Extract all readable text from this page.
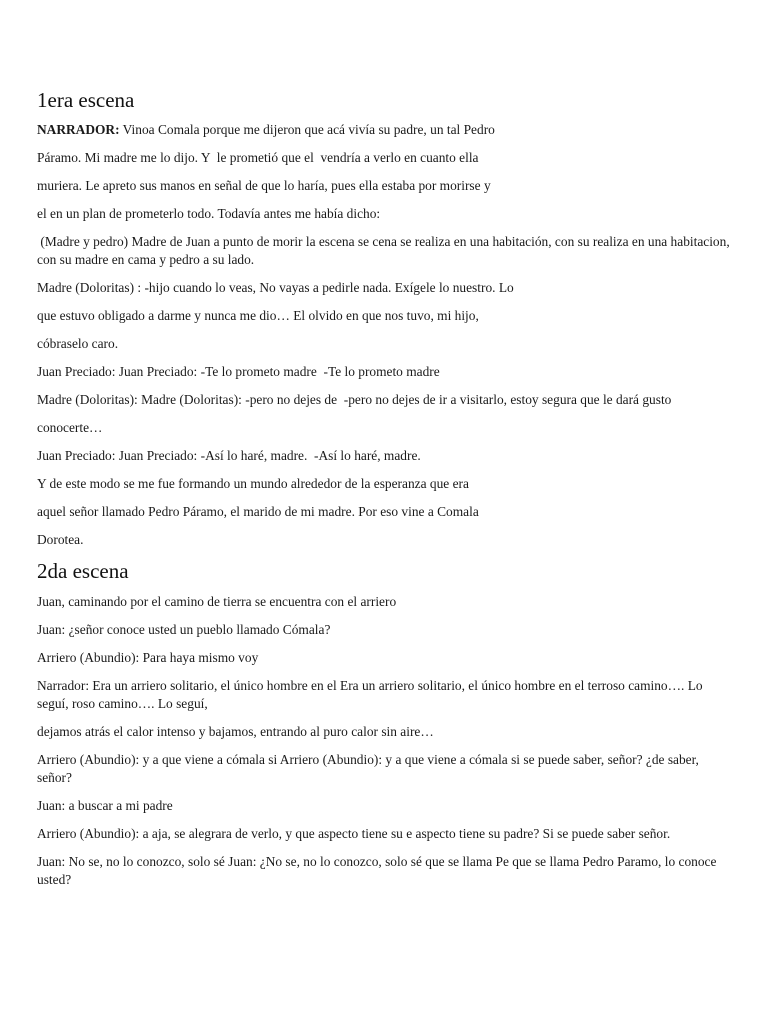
1era escena

NARRADOR: Vinoa Comala porque me dijeron que acá vivía su padre, un tal Pedro

Páramo. Mi madre me lo dijo. Y  le prometió que el  vendría a verlo en cuanto ella

muriera. Le apreto sus manos en señal de que lo haría, pues ella estaba por morirse y

el en un plan de prometerlo todo. Todavía antes me había dicho:

(Madre y pedro) Madre de Juan a punto de morir la escena se cena se realiza en una habitación, con su realiza en una habitacion, con su madre en cama y pedro a su lado.

Madre (Doloritas) : -hijo cuando lo veas, No vayas a pedirle nada. Exígele lo nuestro. Lo

que estuvo obligado a darme y nunca me dio… El olvido en que nos tuvo, mi hijo,

cóbraselo caro.

Juan Preciado: Juan Preciado: -Te lo prometo madre  -Te lo prometo madre

Madre (Doloritas): Madre (Doloritas): -pero no dejes de  -pero no dejes de ir a visitarlo, estoy segura que le dará gusto

conocerte…

Juan Preciado: Juan Preciado: -Así lo haré, madre.  -Así lo haré, madre.

Y de este modo se me fue formando un mundo alrededor de la esperanza que era

aquel señor llamado Pedro Páramo, el marido de mi madre. Por eso vine a Comala

Dorotea.

2da escena

Juan, caminando por el camino de tierra se encuentra con el arriero

Juan: ¿señor conoce usted un pueblo llamado Cómala?

Arriero (Abundio): Para haya mismo voy

Narrador: Era un arriero solitario, el único hombre en el Era un arriero solitario, el único hombre en el terroso camino…. Lo seguí, roso camino…. Lo seguí,

dejamos atrás el calor intenso y bajamos, entrando al puro calor sin aire…

Arriero (Abundio): y a que viene a cómala si Arriero (Abundio): y a que viene a cómala si se puede saber, señor? ¿de saber, señor?

Juan: a buscar a mi padre

Arriero (Abundio): a aja, se alegrara de verlo, y que aspecto tiene su e aspecto tiene su padre? Si se puede saber señor.

Juan: No se, no lo conozco, solo sé Juan: ¿No se, no lo conozco, solo sé que se llama Pe que se llama Pedro Paramo, lo conoce usted?
